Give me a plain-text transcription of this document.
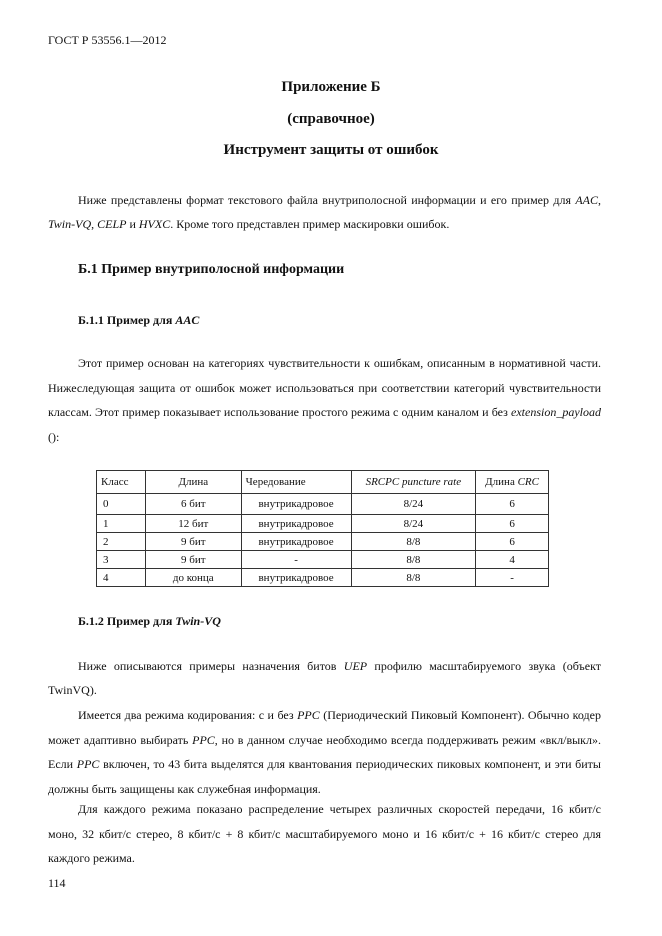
ГОСТ Р 53556.1—2012
Приложение Б
(справочное)
Инструмент защиты от ошибок
Ниже представлены формат текстового файла внутриполосной информации и его пример для AAC, Twin-VQ, CELP и HVXC. Кроме того представлен пример маскировки ошибок.
Б.1 Пример внутриполосной информации
Б.1.1 Пример для AAC
Этот пример основан на категориях чувствительности к ошибкам, описанным в нормативной части. Нижеследующая защита от ошибок может использоваться при соответствии категорий чувствительности классам. Этот пример показывает использование простого режима с одним каналом и без extension_payload ():
Класс	Длина	Чередование	SRCPC puncture rate	Длина CRC
0	6 бит	внутрикадровое	8/24	6
1	12 бит	внутрикадровое	8/24	6
2	9 бит	внутрикадровое	8/8	6
3	9 бит	-	8/8	4
4	до конца	внутрикадровое	8/8	-
Б.1.2 Пример для Twin-VQ
Ниже описываются примеры назначения битов UEP профилю масштабируемого звука (объект TwinVQ).
Имеется два режима кодирования: с и без PPC (Периодический Пиковый Компонент). Обычно кодер может адаптивно выбирать PPC, но в данном случае необходимо всегда поддерживать режим «вкл/выкл». Если PPC включен, то 43 бита выделятся для квантования периодических пиковых компонент, и эти биты должны быть защищены как служебная информация.
Для каждого режима показано распределение четырех различных скоростей передачи, 16 кбит/с моно, 32 кбит/с стерео, 8 кбит/с + 8 кбит/с масштабируемого моно и 16 кбит/с + 16 кбит/с стерео для каждого режима.
114
